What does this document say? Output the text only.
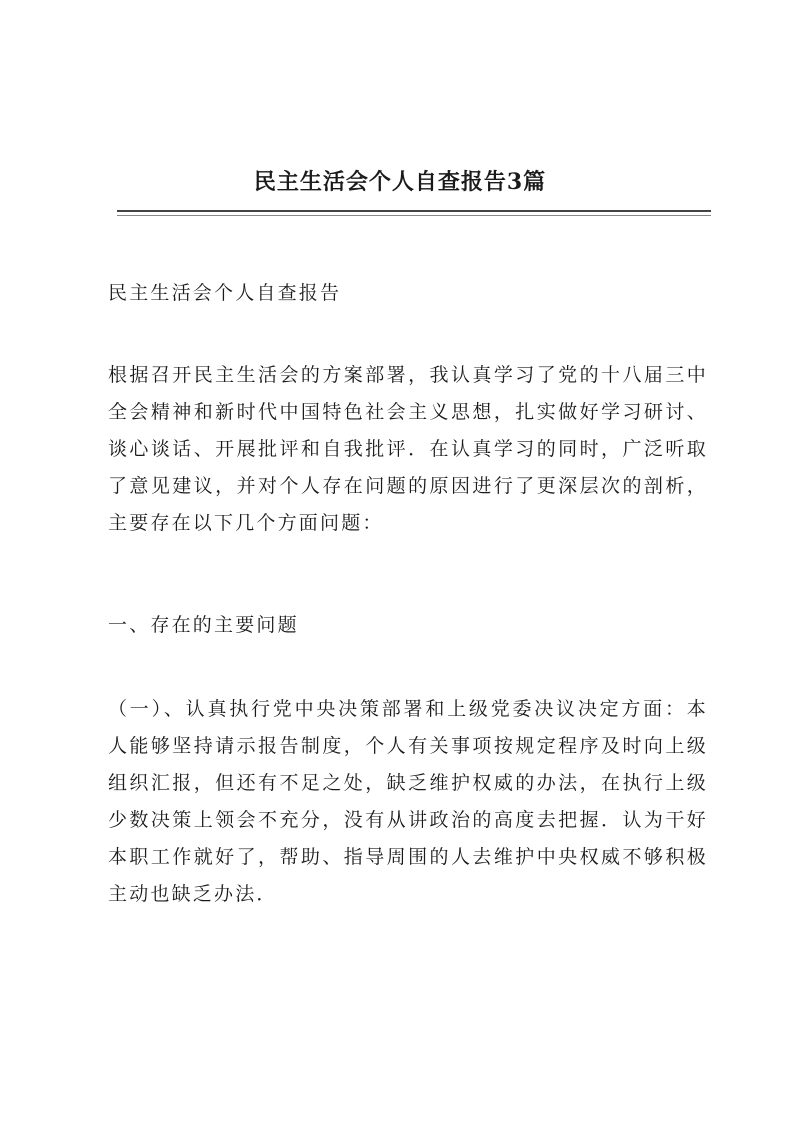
民主生活会个人自查报告3篇

民主生活会个人自查报告

根据召开民主生活会的方案部署，我认真学习了党的十八届三中全会精神和新时代中国特色社会主义思想，扎实做好学习研讨、谈心谈话、开展批评和自我批评．在认真学习的同时，广泛听取了意见建议，并对个人存在问题的原因进行了更深层次的剖析，主要存在以下几个方面问题：

一、存在的主要问题

（一）、认真执行党中央决策部署和上级党委决议决定方面：本人能够坚持请示报告制度，个人有关事项按规定程序及时向上级组织汇报，但还有不足之处，缺乏维护权威的办法，在执行上级少数决策上领会不充分，没有从讲政治的高度去把握．认为干好本职工作就好了，帮助、指导周围的人去维护中央权威不够积极主动也缺乏办法．
